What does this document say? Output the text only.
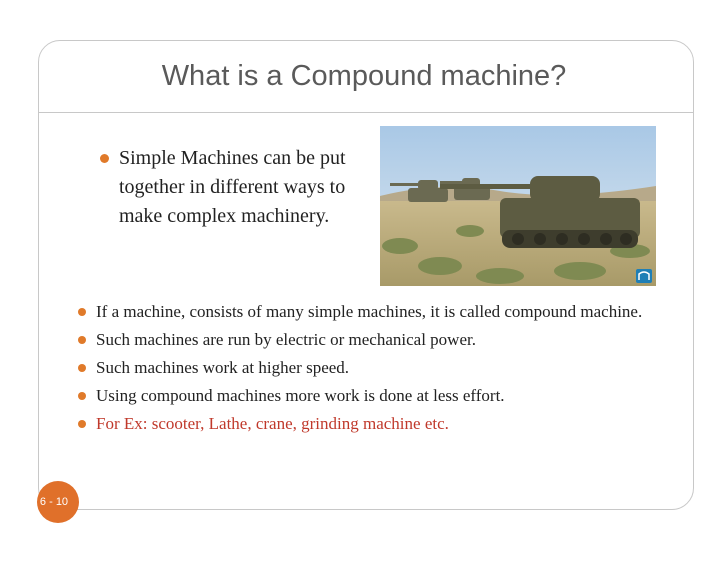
What is a Compound machine?
Simple Machines can be put together in different ways to make complex machinery.
If a machine, consists of many simple machines, it is called compound machine.
Such machines are run by electric or mechanical power.
Such machines work at higher speed.
Using compound machines more work is done at less effort.
For Ex: scooter, Lathe, crane, grinding machine etc.
6 - 10
